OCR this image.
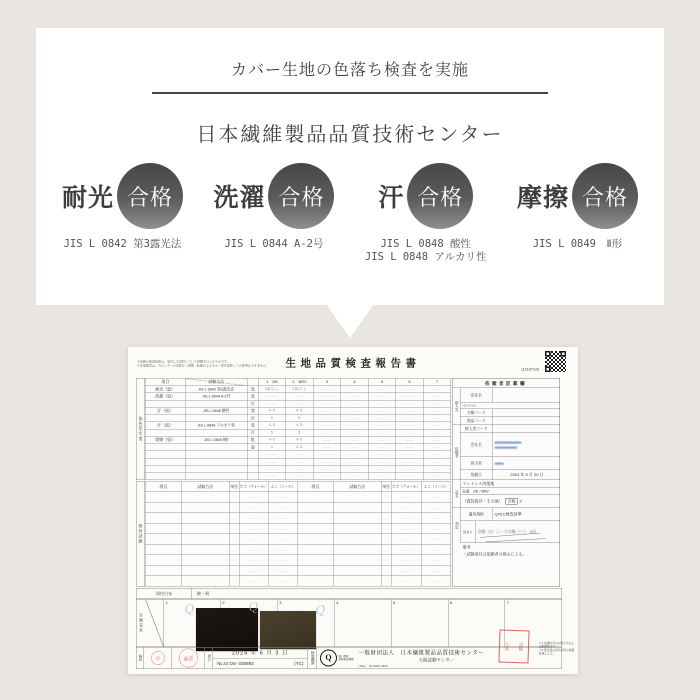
カバー生地の色落ち検査を実施
日本繊維製品品質技術センター
耐光 合格
JIS L 0842 第3露光法
洗濯 合格
JIS L 0844 A-2号
汗 合格
JIS L 0848 酸性
JIS L 0848 アルカリ性
摩擦 合格
JIS L 0849　Ⅱ形
※記載の検査結果は、受付した試料について試験を行ったものです。
※本成績書は、当センターの承認なく複製・転載およびその一部を抜粋しての使用はできません。 生地品質検査報告書
(1118734)
染色堅牢度
項目	試験方法		1　OK	2　BRV	3	4	5	6	7
耐光（級）	JIS L 0842 第3露光法	変	3級以上	3級以上	……	……	……	……	……
洗濯（級）	JIS L 0844 A-2号	変	……	……	……	……	……	……	……
		汚	……	……	……	……	……	……	……
汗（級）	JIS L 0848 酸性	変	4-5	4-5	……	……	……	……	……
		汚	5	5	……	……	……	……	……
汗（級）	JIS L 0848 アルカリ性	変	4-5	4-5	……	……	……	……	……
		汚	5	5	……	……	……	……	……
摩擦（級）	JIS L 0849 Ⅱ形	乾	4-5	4-5	……	……	……	……	……
		湿	4	4-5	……	……	……	……	……
			……	……	……	……	……	……	……
			……	……	……	……	……	……	……
			……	……	……	……	……	……	……
			……	……	……	……	……	……	……
物性試験
項目	試験方法	単位	たて（ウォール）	よこ（コース）	項目	試験方法	単位	たて（ウォール）	よこ（コース）
		…	……	……			…	……	……
		…	……	……			…	……	……
		…	……	……			…	……	……
		…	……	……			…	……	……
		…	……	……			…	……	……
		…	……	……			…	……	……
		…	……	……			…	……	……
		…	……	……			…	……	……
		…	……	……			…	……	……
添付白布	綿・絹
生地見本
1	2	3	4	5	6	7
Ｑ Ｑ Ｑ
検印	㊞	確認	発行
2024 年 6 月 3 日
№ 24 OS- 030893	(YC)	検査機関 Q	国の登録
登録検査機関
一般財団法人　日本繊維製品品質技術センター
大阪試験センター
(TEL)　06-6946-4825
大阪 試験	※1 成績内容のお問合せは上記試験場まで。
※2 測定値は受付試料の試験結果による。
依頼者記載欄
納入先
依頼者
品名
判定
会社名
NB-3N-BC
分類コード
商品コード
納入者コード
会社名	■■■■■■■■■■■■
■■■■■■■■■■
担当者	■■■■
依頼日	2024 年 5 月 20 日
マットレス用張地
品番　OK／BRV
（寝装寝具・その他） 合格 2
適用規格	QTEC検査基準
絵表示 合格（2）〇ー子合格（ー）　1Ｈ
備考
・試験項目は依頼者の指示による。
